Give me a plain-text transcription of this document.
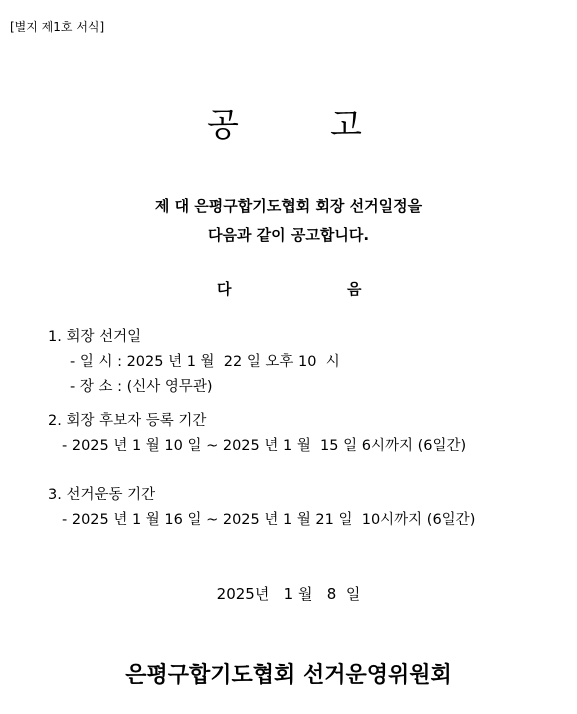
[별지 제1호 서식]
공	고
제 대 은평구합기도협회 회장 선거일정을
다음과 같이 공고합니다.
다	음
1. 회장 선거일
- 일 시 : 2025 년 1 월  22 일 오후 10  시
- 장 소 : (신사 영무관)
2. 회장 후보자 등록 기간
- 2025 년 1 월 10 일 ~ 2025 년 1 월  15 일 6시까지 (6일간)
3. 선거운동 기간
- 2025 년 1 월 16 일 ~ 2025 년 1 월 21 일  10시까지 (6일간)
2025년   1 월   8  일
은평구합기도협회 선거운영위원회
